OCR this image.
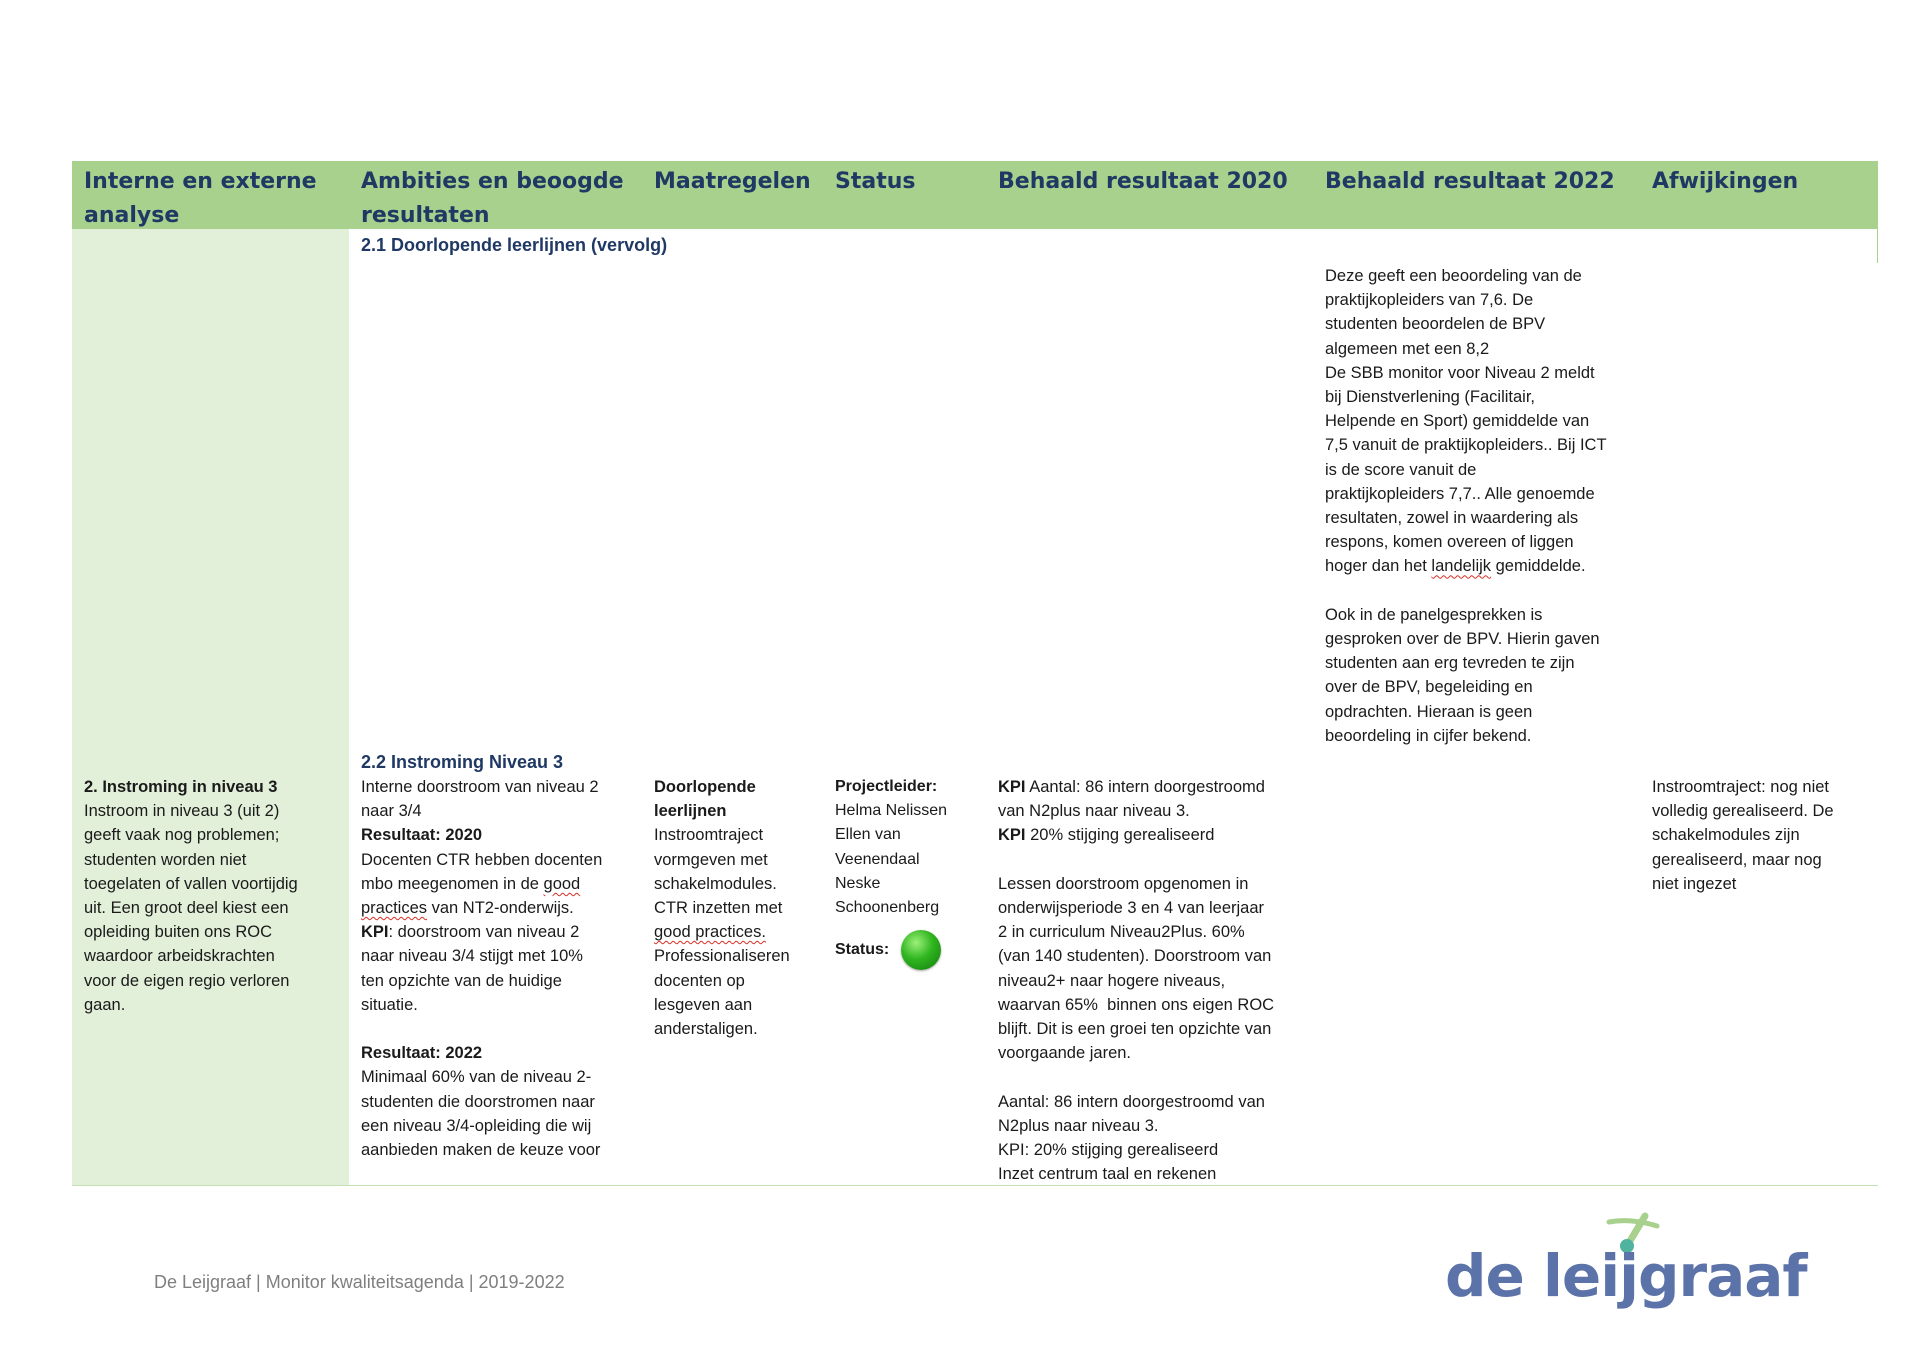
Interne en externe
analyse
Ambities en beoogde
resultaten
Maatregelen Status	Behaald resultaat 2020 Behaald resultaat 2022 Afwijkingen
2.1 Doorlopende leerlijnen (vervolg)

Deze geeft een beoordeling van de

praktijkopleiders van 7,6. De

studenten beoordelen de BPV

algemeen met een 8,2

De SBB monitor voor Niveau 2 meldt

bij Dienstverlening (Facilitair,

Helpende en Sport) gemiddelde van

7,5 vanuit de praktijkopleiders.. Bij ICT

is de score vanuit de

praktijkopleiders 7,7.. Alle genoemde

resultaten, zowel in waardering als

respons, komen overeen of liggen

hoger dan het landelijk gemiddelde.

Ook in de panelgesprekken is

gesproken over de BPV. Hierin gaven

studenten aan erg tevreden te zijn

over de BPV, begeleiding en

opdrachten. Hieraan is geen

beoordeling in cijfer bekend.

2.2 Instroming Niveau 3

2. Instroming in niveau 3

Instroom in niveau 3 (uit 2)

geeft vaak nog problemen;

studenten worden niet

toegelaten of vallen voortijdig

uit. Een groot deel kiest een

opleiding buiten ons ROC

waardoor arbeidskrachten

voor de eigen regio verloren

gaan.

Interne doorstroom van niveau 2

naar 3/4

Resultaat: 2020

Docenten CTR hebben docenten

mbo meegenomen in de good

practices van NT2-onderwijs.

KPI: doorstroom van niveau 2

naar niveau 3/4 stijgt met 10%

ten opzichte van de huidige

situatie.

Resultaat: 2022

Minimaal 60% van de niveau 2-

studenten die doorstromen naar

een niveau 3/4-opleiding die wij

aanbieden maken de keuze voor

Doorlopende

leerlijnen

Instroomtraject

vormgeven met

schakelmodules.

CTR inzetten met

good practices.

Professionaliseren

docenten op

lesgeven aan

anderstaligen.

Projectleider:

Helma Nelissen

Ellen van

Veenendaal

Neske

Schoonenberg

Status:

KPI Aantal: 86 intern doorgestroomd

van N2plus naar niveau 3.

KPI 20% stijging gerealiseerd

Lessen doorstroom opgenomen in

onderwijsperiode 3 en 4 van leerjaar

2 in curriculum Niveau2Plus. 60%

(van 140 studenten). Doorstroom van

niveau2+ naar hogere niveaus,

waarvan 65%  binnen ons eigen ROC

blijft. Dit is een groei ten opzichte van

voorgaande jaren.

Aantal: 86 intern doorgestroomd van

N2plus naar niveau 3.

KPI: 20% stijging gerealiseerd

Inzet centrum taal en rekenen

Instroomtraject: nog niet

volledig gerealiseerd. De

schakelmodules zijn

gerealiseerd, maar nog

niet ingezet

De Leijgraaf | Monitor kwaliteitsagenda | 2019-2022	de leijgraaf
